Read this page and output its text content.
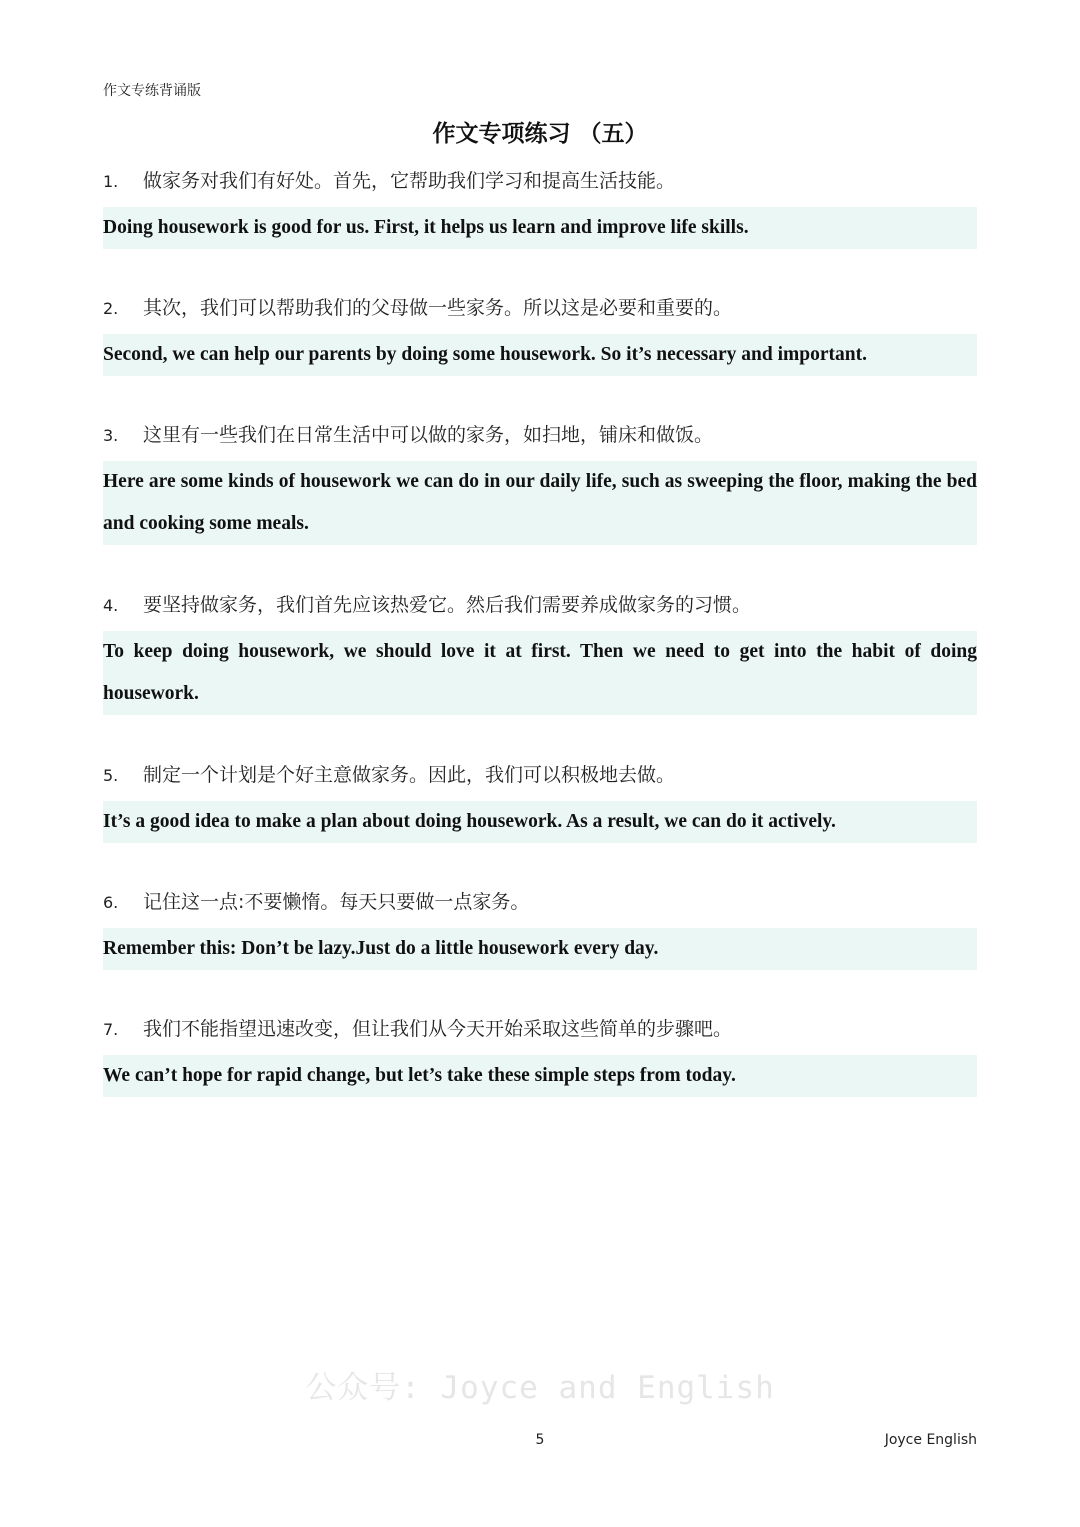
作文专练背诵版
作文专项练习 （五）
1. 做家务对我们有好处。首先，它帮助我们学习和提高生活技能。
Doing housework is good for us. First, it helps us learn and improve life skills.
2. 其次，我们可以帮助我们的父母做一些家务。所以这是必要和重要的。
Second, we can help our parents by doing some housework. So it’s necessary and important.
3. 这里有一些我们在日常生活中可以做的家务，如扫地，铺床和做饭。
Here are some kinds of housework we can do in our daily life, such as sweeping the floor, making the bed and cooking some meals.
4. 要坚持做家务，我们首先应该热爱它。然后我们需要养成做家务的习惯。
To keep doing housework, we should love it at first. Then we need to get into the habit of doing housework.
5. 制定一个计划是个好主意做家务。因此，我们可以积极地去做。
It’s a good idea to make a plan about doing housework. As a result, we can do it actively.
6. 记住这一点:不要懒惰。每天只要做一点家务。
Remember this: Don’t be lazy.Just do a little housework every day.
7. 我们不能指望迅速改变，但让我们从今天开始采取这些简单的步骤吧。
We can’t hope for rapid change, but let’s take these simple steps from today.
公众号: Joyce and English
5	Joyce English
